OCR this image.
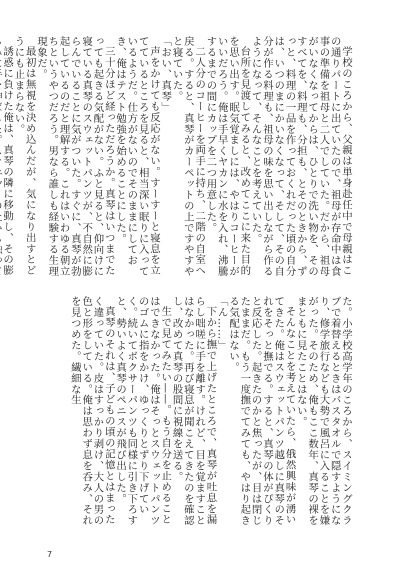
学校のころから、父親は単身赴任中で母親はこの通りパートに出ていたので、祖母が存命中は食事の準備を祖母と二人でしていた。だから、祖母がいなくなってからは、ひとりで洗い物を、そのすべてを、料理も、分担も、とそのときから、ずっと、料理の一品を作っておくれだった頃の自分は、いつのまにかいなくなって、そして、その自分が作る料理も、祖母の味を思い出しながら作るようになって、そんなことを考えていた。

台所を見渡してみると、改めてここに来た目的を思い出す。眠気覚ましには、やはりコーヒーがいいだろう。俺は手早くヤカンに水を入れ、沸騰するまでの間にカップを二つ用意した。

二人分のコーヒーを両手に持ち、二階の自室へ戻る。すると、真琴がカーペットの上ですやすやと寝ていた。

「おい、真琴」

声をかけても反応がない。すーすーと寝息を立てているところを見ると、相当深い眠りに入っているようだ。仕方がないのでそのままにしておき、俺はテスト勉強を始めることにした。

三十分ほど経っただろうか。真琴はいつまでたっても起きる気配がない。ふと見ると、仰向けに寝ている真琴のスウェットパンツが、不自然に膨らんでいることに気がついた。すぐに、真琴が勃起しているのだと理解する。これはいわゆる朝立ちというやつだろう。男なら誰しも経験する生理現象だ。

最初は無視を決め込んだが、気になり出すとどうにも止まらない。

誘惑に負けた俺は、真琴の隣に移動し、その膨

た。小学校高学年のころから、スイミングクラブで着替えるときはバスタオルで隠すようになり、修学旅行なども大勢で風呂に入ることを嫌がった。そのため、俺もここ数年、真琴の裸をまともに見たことはない。

そんなことを考えていたら、俄然興味が湧いてきた。俺はスウェットパンツ越しに真琴のそれをそっと撫でる。すると、真琴の体がぴくりと反応した。起きたのかと焦ったが、目は閉じたままだ。もう一度撫でてみても、やはり起きる気配はない。

「ん……」

下から撫で上げたところで、真琴が吐息を漏らし咄嗟に手を離す。けれど、目を覚ますことはなかった。再び寝息が聞こえてきたのを確認し、改めて真琴の股間に視線を送る。

生で見てみたい——。もう自分を止めることはできなかった。俺はそっとスウェットパンツのゴムに指をかけ、ゆっくりとずり下げていく。続いてボクサーパンツも同様に引き下ろすと、勢いよく真琴のペニスが飛び出した。

真琴のそれは、子どもの頃の記憶とはまったく違っていた。皮はすっかり剥け、大人の男の色と形をしている。俺は思わず息を呑み、それを見つめた。繊細な生

7
